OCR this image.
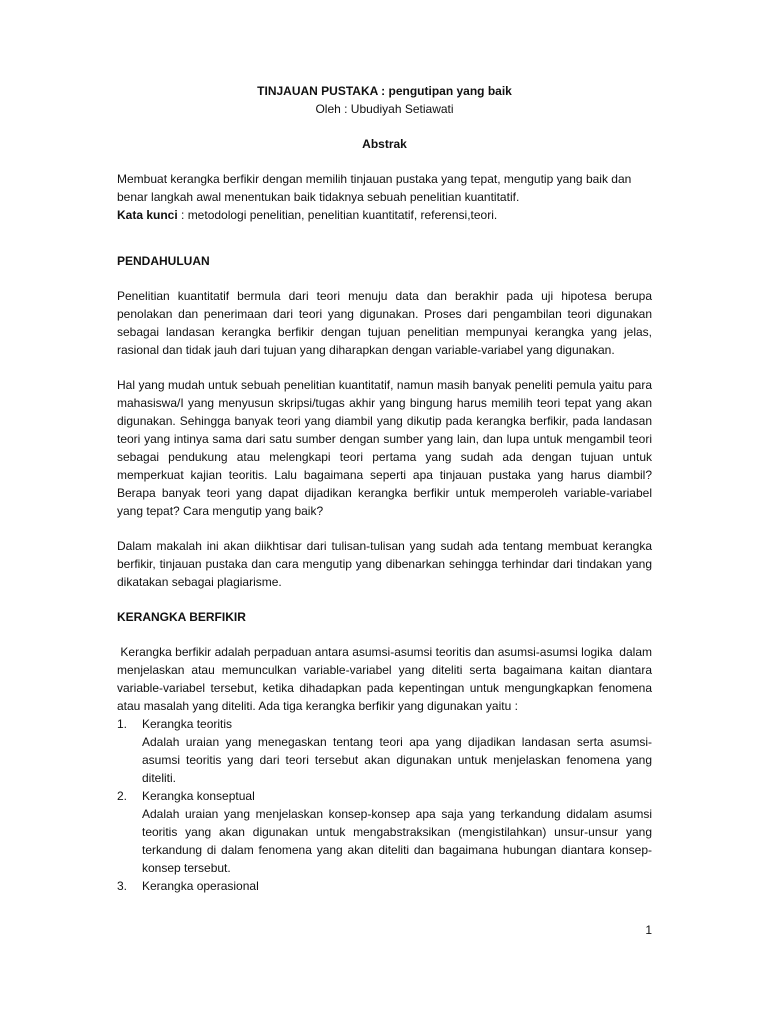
TINJAUAN PUSTAKA : pengutipan yang baik

Oleh : Ubudiyah Setiawati

Abstrak

Membuat kerangka berfikir dengan memilih tinjauan pustaka yang tepat, mengutip yang baik dan benar langkah awal menentukan baik tidaknya sebuah penelitian kuantitatif.

Kata kunci : metodologi penelitian, penelitian kuantitatif, referensi,teori.

PENDAHULUAN

Penelitian kuantitatif bermula dari teori menuju data dan berakhir pada uji hipotesa berupa penolakan dan penerimaan dari teori yang digunakan. Proses dari pengambilan teori digunakan sebagai landasan kerangka berfikir dengan tujuan penelitian mempunyai kerangka yang jelas, rasional dan tidak jauh dari tujuan yang diharapkan dengan variable-variabel yang digunakan.

Hal yang mudah untuk sebuah penelitian kuantitatif, namun masih banyak peneliti pemula yaitu para mahasiswa/I yang menyusun skripsi/tugas akhir yang bingung harus memilih teori tepat yang akan digunakan. Sehingga banyak teori yang diambil yang dikutip pada kerangka berfikir, pada landasan teori yang intinya sama dari satu sumber dengan sumber yang lain, dan lupa untuk mengambil teori sebagai pendukung atau melengkapi teori pertama yang sudah ada dengan tujuan untuk memperkuat kajian teoritis. Lalu bagaimana seperti apa tinjauan pustaka yang harus diambil? Berapa banyak teori yang dapat dijadikan kerangka berfikir untuk memperoleh variable-variabel yang tepat? Cara mengutip yang baik?

Dalam makalah ini akan diikhtisar dari tulisan-tulisan yang sudah ada tentang membuat kerangka berfikir, tinjauan pustaka dan cara mengutip yang dibenarkan sehingga terhindar dari tindakan yang dikatakan sebagai plagiarisme.

KERANGKA BERFIKIR

Kerangka berfikir adalah perpaduan antara asumsi-asumsi teoritis dan asumsi-asumsi logika  dalam menjelaskan atau memunculkan variable-variabel yang diteliti serta bagaimana kaitan diantara variable-variabel tersebut, ketika dihadapkan pada kepentingan untuk mengungkapkan fenomena atau masalah yang diteliti. Ada tiga kerangka berfikir yang digunakan yaitu :

1.	Kerangka teoritis
Adalah uraian yang menegaskan tentang teori apa yang dijadikan landasan serta asumsi-asumsi teoritis yang dari teori tersebut akan digunakan untuk menjelaskan fenomena yang diteliti.
2.	Kerangka konseptual
Adalah uraian yang menjelaskan konsep-konsep apa saja yang terkandung didalam asumsi teoritis yang akan digunakan untuk mengabstraksikan (mengistilahkan) unsur-unsur yang terkandung di dalam fenomena yang akan diteliti dan bagaimana hubungan diantara konsep-konsep tersebut.
3.	Kerangka operasional
1
